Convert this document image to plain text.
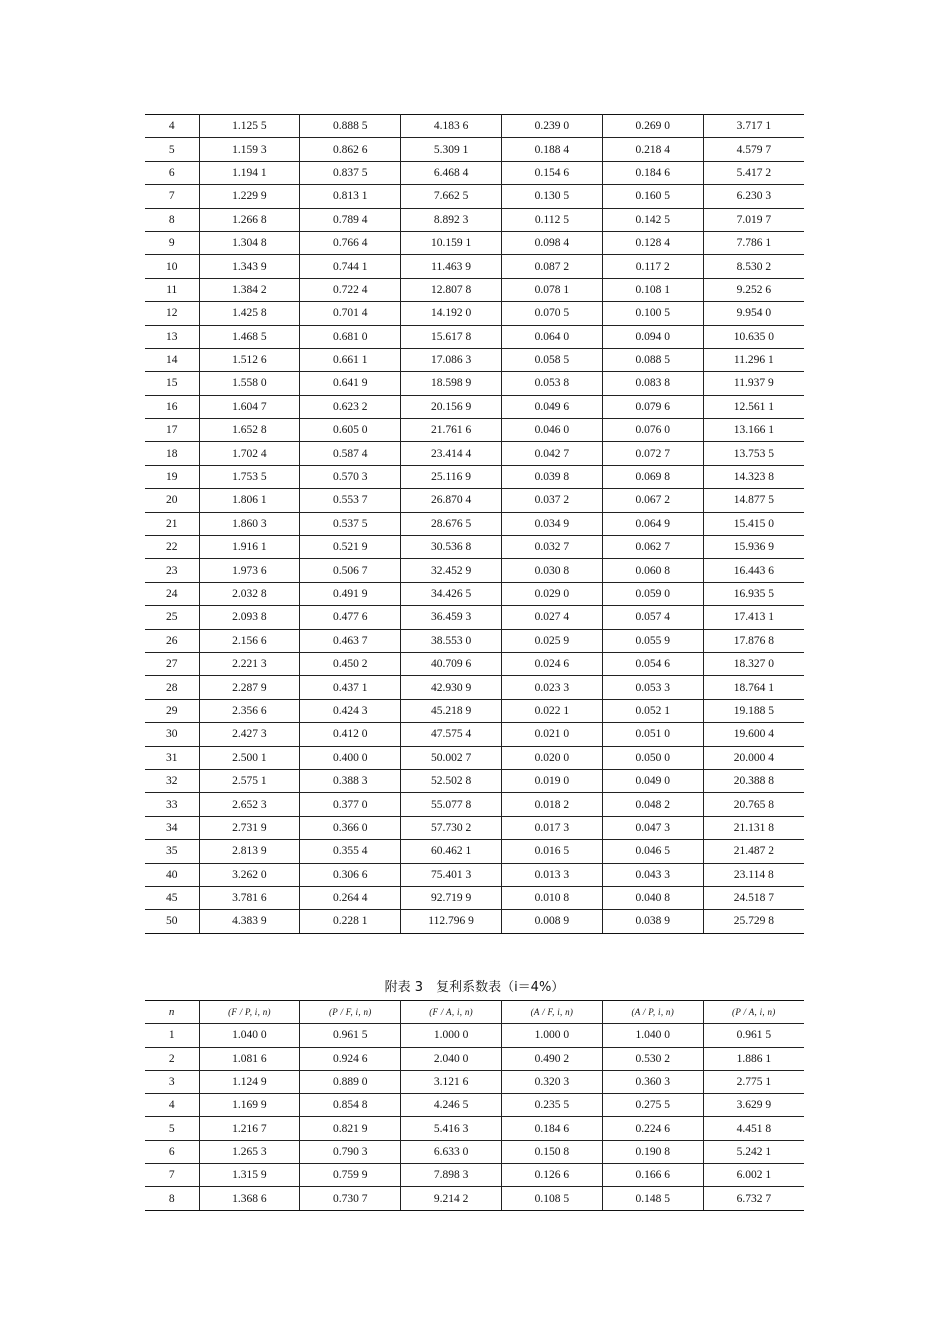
4	1.125 5	0.888 5	4.183 6	0.239 0	0.269 0	3.717 1
5	1.159 3	0.862 6	5.309 1	0.188 4	0.218 4	4.579 7
6	1.194 1	0.837 5	6.468 4	0.154 6	0.184 6	5.417 2
7	1.229 9	0.813 1	7.662 5	0.130 5	0.160 5	6.230 3
8	1.266 8	0.789 4	8.892 3	0.112 5	0.142 5	7.019 7
9	1.304 8	0.766 4	10.159 1	0.098 4	0.128 4	7.786 1
10	1.343 9	0.744 1	11.463 9	0.087 2	0.117 2	8.530 2
11	1.384 2	0.722 4	12.807 8	0.078 1	0.108 1	9.252 6
12	1.425 8	0.701 4	14.192 0	0.070 5	0.100 5	9.954 0
13	1.468 5	0.681 0	15.617 8	0.064 0	0.094 0	10.635 0
14	1.512 6	0.661 1	17.086 3	0.058 5	0.088 5	11.296 1
15	1.558 0	0.641 9	18.598 9	0.053 8	0.083 8	11.937 9
16	1.604 7	0.623 2	20.156 9	0.049 6	0.079 6	12.561 1
17	1.652 8	0.605 0	21.761 6	0.046 0	0.076 0	13.166 1
18	1.702 4	0.587 4	23.414 4	0.042 7	0.072 7	13.753 5
19	1.753 5	0.570 3	25.116 9	0.039 8	0.069 8	14.323 8
20	1.806 1	0.553 7	26.870 4	0.037 2	0.067 2	14.877 5
21	1.860 3	0.537 5	28.676 5	0.034 9	0.064 9	15.415 0
22	1.916 1	0.521 9	30.536 8	0.032 7	0.062 7	15.936 9
23	1.973 6	0.506 7	32.452 9	0.030 8	0.060 8	16.443 6
24	2.032 8	0.491 9	34.426 5	0.029 0	0.059 0	16.935 5
25	2.093 8	0.477 6	36.459 3	0.027 4	0.057 4	17.413 1
26	2.156 6	0.463 7	38.553 0	0.025 9	0.055 9	17.876 8
27	2.221 3	0.450 2	40.709 6	0.024 6	0.054 6	18.327 0
28	2.287 9	0.437 1	42.930 9	0.023 3	0.053 3	18.764 1
29	2.356 6	0.424 3	45.218 9	0.022 1	0.052 1	19.188 5
30	2.427 3	0.412 0	47.575 4	0.021 0	0.051 0	19.600 4
31	2.500 1	0.400 0	50.002 7	0.020 0	0.050 0	20.000 4
32	2.575 1	0.388 3	52.502 8	0.019 0	0.049 0	20.388 8
33	2.652 3	0.377 0	55.077 8	0.018 2	0.048 2	20.765 8
34	2.731 9	0.366 0	57.730 2	0.017 3	0.047 3	21.131 8
35	2.813 9	0.355 4	60.462 1	0.016 5	0.046 5	21.487 2
40	3.262 0	0.306 6	75.401 3	0.013 3	0.043 3	23.114 8
45	3.781 6	0.264 4	92.719 9	0.010 8	0.040 8	24.518 7
50	4.383 9	0.228 1	112.796 9	0.008 9	0.038 9	25.729 8
附表 3　复利系数表（i＝4%）
n	(F / P, i, n)	(P / F, i, n)	(F / A, i, n)	(A / F, i, n)	(A / P, i, n)	(P / A, i, n)
1	1.040 0	0.961 5	1.000 0	1.000 0	1.040 0	0.961 5
2	1.081 6	0.924 6	2.040 0	0.490 2	0.530 2	1.886 1
3	1.124 9	0.889 0	3.121 6	0.320 3	0.360 3	2.775 1
4	1.169 9	0.854 8	4.246 5	0.235 5	0.275 5	3.629 9
5	1.216 7	0.821 9	5.416 3	0.184 6	0.224 6	4.451 8
6	1.265 3	0.790 3	6.633 0	0.150 8	0.190 8	5.242 1
7	1.315 9	0.759 9	7.898 3	0.126 6	0.166 6	6.002 1
8	1.368 6	0.730 7	9.214 2	0.108 5	0.148 5	6.732 7
